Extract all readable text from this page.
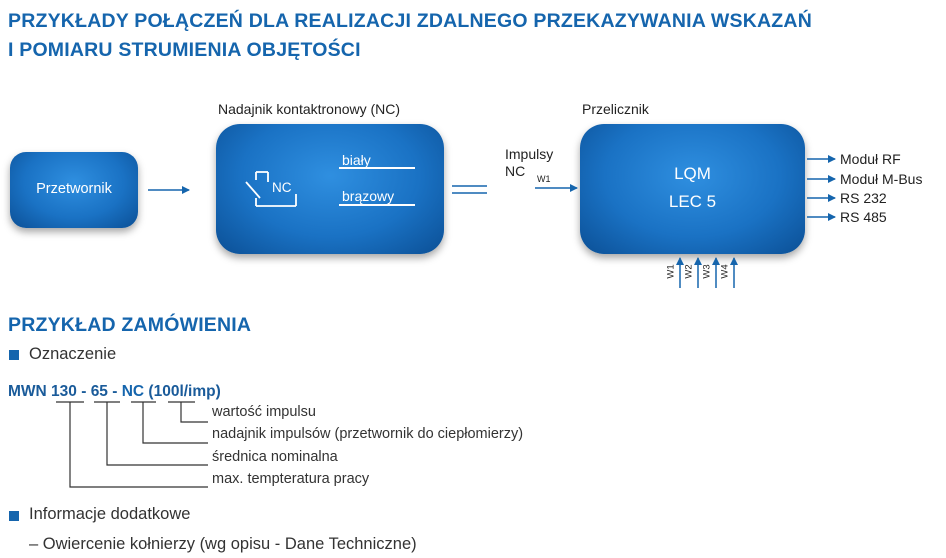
PRZYKŁADY POŁĄCZEŃ DLA REALIZACJI ZDALNEGO PRZEKAZYWANIA WSKAZAŃ
I POMIARU STRUMIENIA OBJĘTOŚCI
Przetwornik
Nadajnik kontaktronowy (NC)
NC
biały
brązowy
Impulsy
NC W1
Przelicznik
LQM
LEC 5
Moduł RF
Moduł M-Bus
RS 232
RS 485
W1 W2 W3 W4
PRZYKŁAD ZAMÓWIENIA
Oznaczenie
MWN 130 - 65 - NC (100l/imp)
wartość impulsu
nadajnik impulsów (przetwornik do ciepłomierzy)
średnica nominalna
max. tempteratura pracy
Informacje dodatkowe
– Owiercenie kołnierzy (wg opisu - Dane Techniczne)
